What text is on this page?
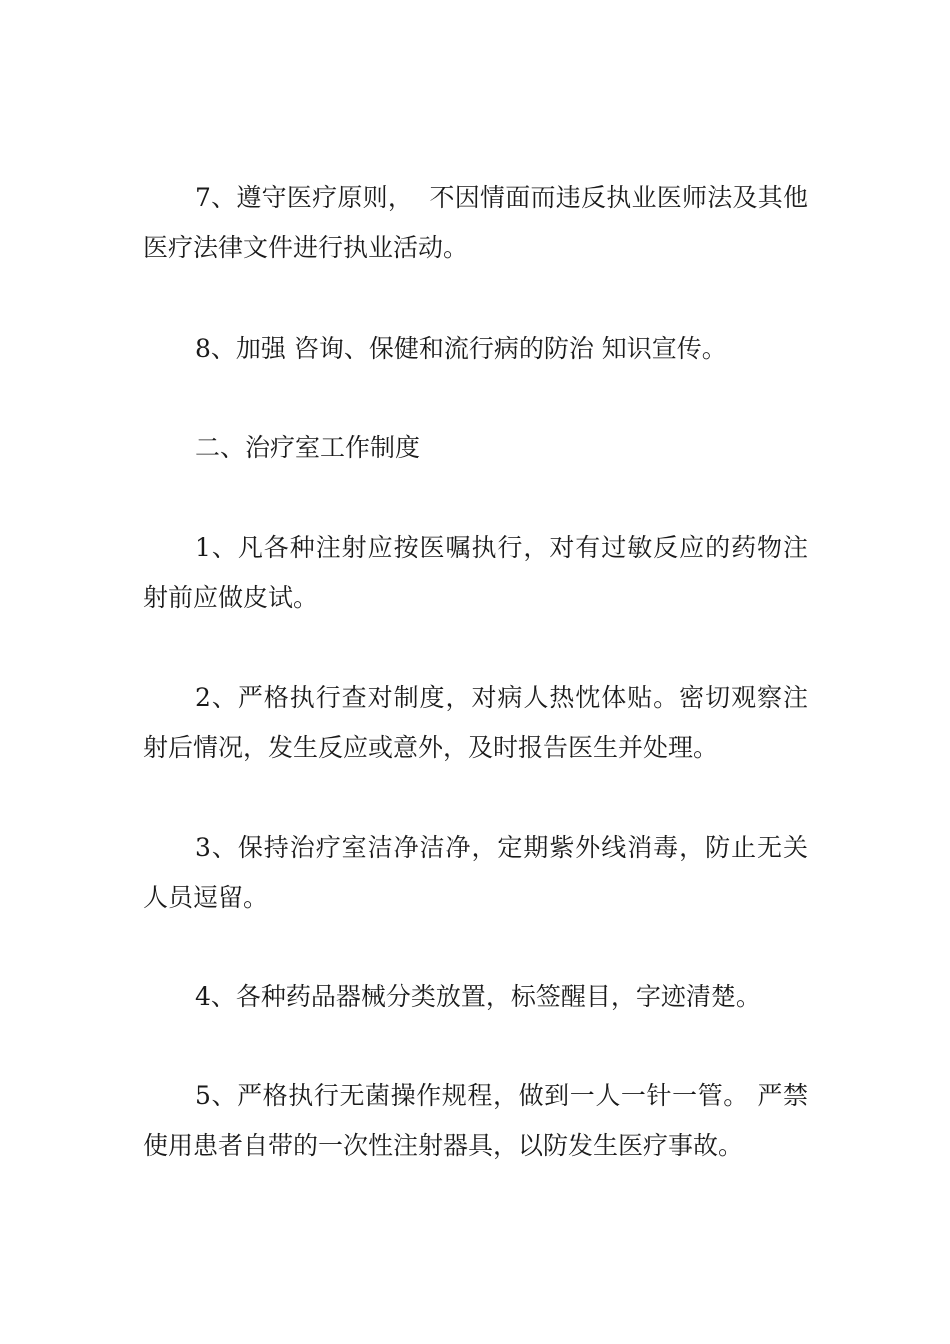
7、遵守医疗原则，  不因情面而违反执业医师法及其他医疗法律文件进行执业活动。

8、加强 咨询、保健和流行病的防治 知识宣传。

二、治疗室工作制度

1、凡各种注射应按医嘱执行，对有过敏反应的药物注射前应做皮试。

2、严格执行查对制度，对病人热忱体贴。密切观察注射后情况，发生反应或意外，及时报告医生并处理。

3、保持治疗室洁净洁净，定期紫外线消毒，防止无关人员逗留。

4、各种药品器械分类放置，标签醒目，字迹清楚。

5、严格执行无菌操作规程，做到一人一针一管。 严禁使用患者自带的一次性注射器具，以防发生医疗事故。
